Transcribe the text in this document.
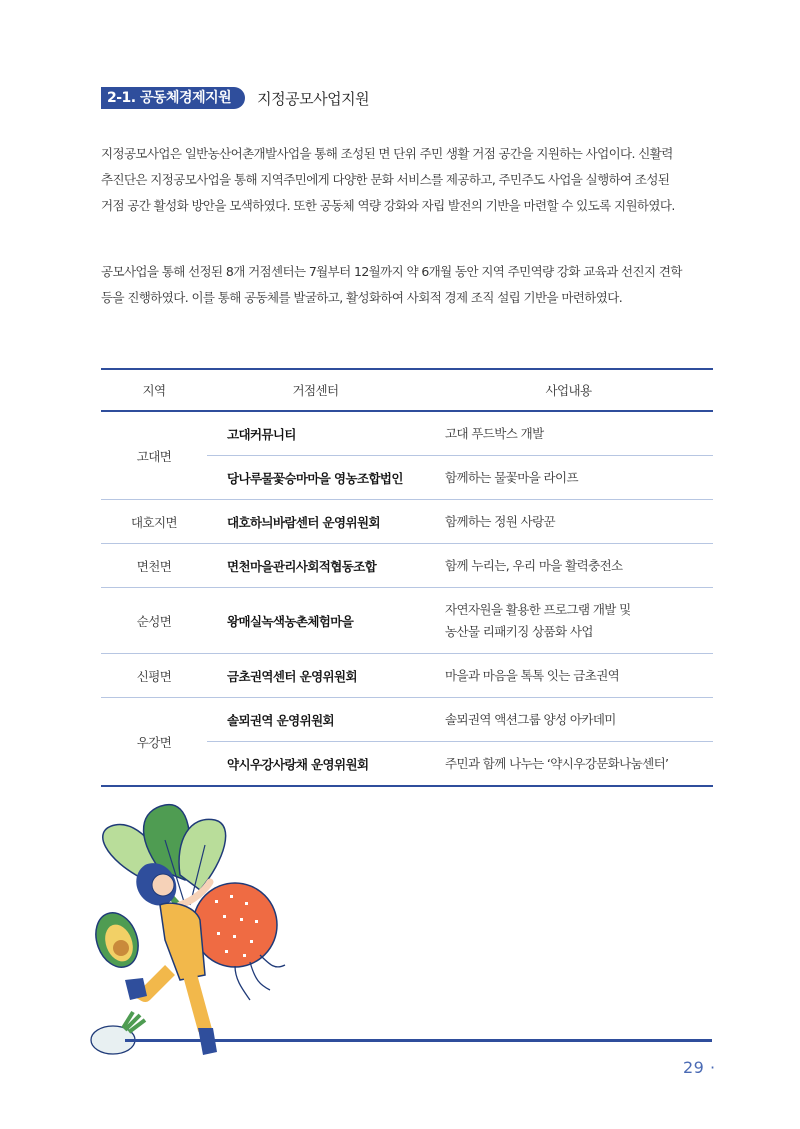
2-1. 공동체경제지원	지정공모사업지원

지정공모사업은 일반농산어촌개발사업을 통해 조성된 면 단위 주민 생활 거점 공간을 지원하는 사업이다. 신활력
추진단은 지정공모사업을 통해 지역주민에게 다양한 문화 서비스를 제공하고, 주민주도 사업을 실행하여 조성된
거점 공간 활성화 방안을 모색하였다. 또한 공동체 역량 강화와 자립 발전의 기반을 마련할 수 있도록 지원하였다.

공모사업을 통해 선정된 8개 거점센터는 7월부터 12월까지 약 6개월 동안 지역 주민역량 강화 교육과 선진지 견학
등을 진행하였다. 이를 통해 공동체를 발굴하고, 활성화하여 사회적 경제 조직 설립 기반을 마련하였다.

지역	거점센터	사업내용
고대면	고대커뮤니티	고대 푸드박스 개발
	당나루물꽃승마마을 영농조합법인	함께하는 물꽃마을 라이프
대호지면	대호하늬바람센터 운영위원회	함께하는 정원 사랑꾼
면천면	면천마을관리사회적협동조합	함께 누리는, 우리 마을 활력충전소
순성면	왕매실녹색농촌체험마을	자연자원을 활용한 프로그램 개발 및
농산물 리패키징 상품화 사업
신평면	금초권역센터 운영위원회	마을과 마음을 톡톡 잇는 금초권역
우강면	솔뫼권역 운영위원회	솔뫼권역 액션그룹 양성 아카데미
	약시우강사랑채 운영위원회	주민과 함께 나누는 ‘약시우강문화나눔센터’
29 ·
